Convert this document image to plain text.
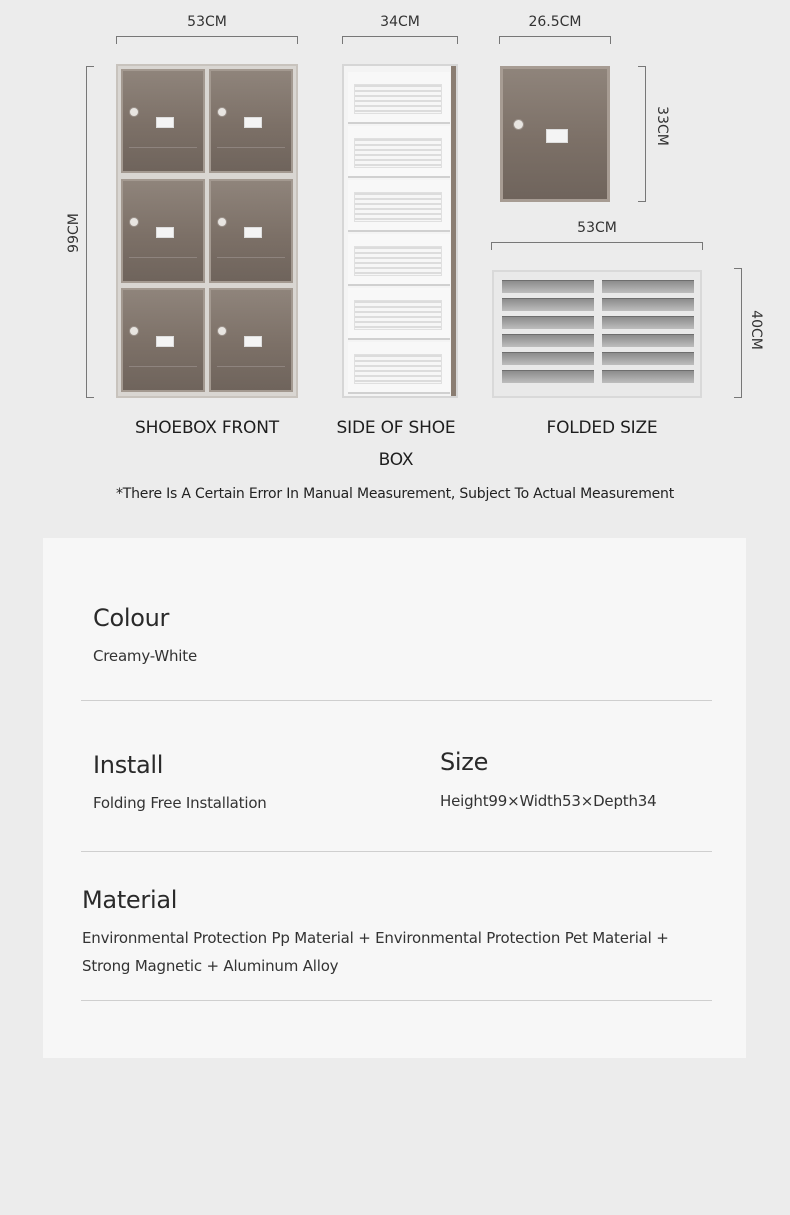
53CM	34CM	26.5CM
99CM
33CM
53CM
40CM
SHOEBOX FRONT	SIDE OF SHOE
BOX
FOLDED SIZE
*There Is A Certain Error In Manual Measurement, Subject To Actual Measurement
Colour
Creamy-White
Install
Folding Free Installation
Size
Height99×Width53×Depth34
Material
Environmental Protection Pp Material + Environmental Protection Pet Material +
Strong Magnetic + Aluminum Alloy
